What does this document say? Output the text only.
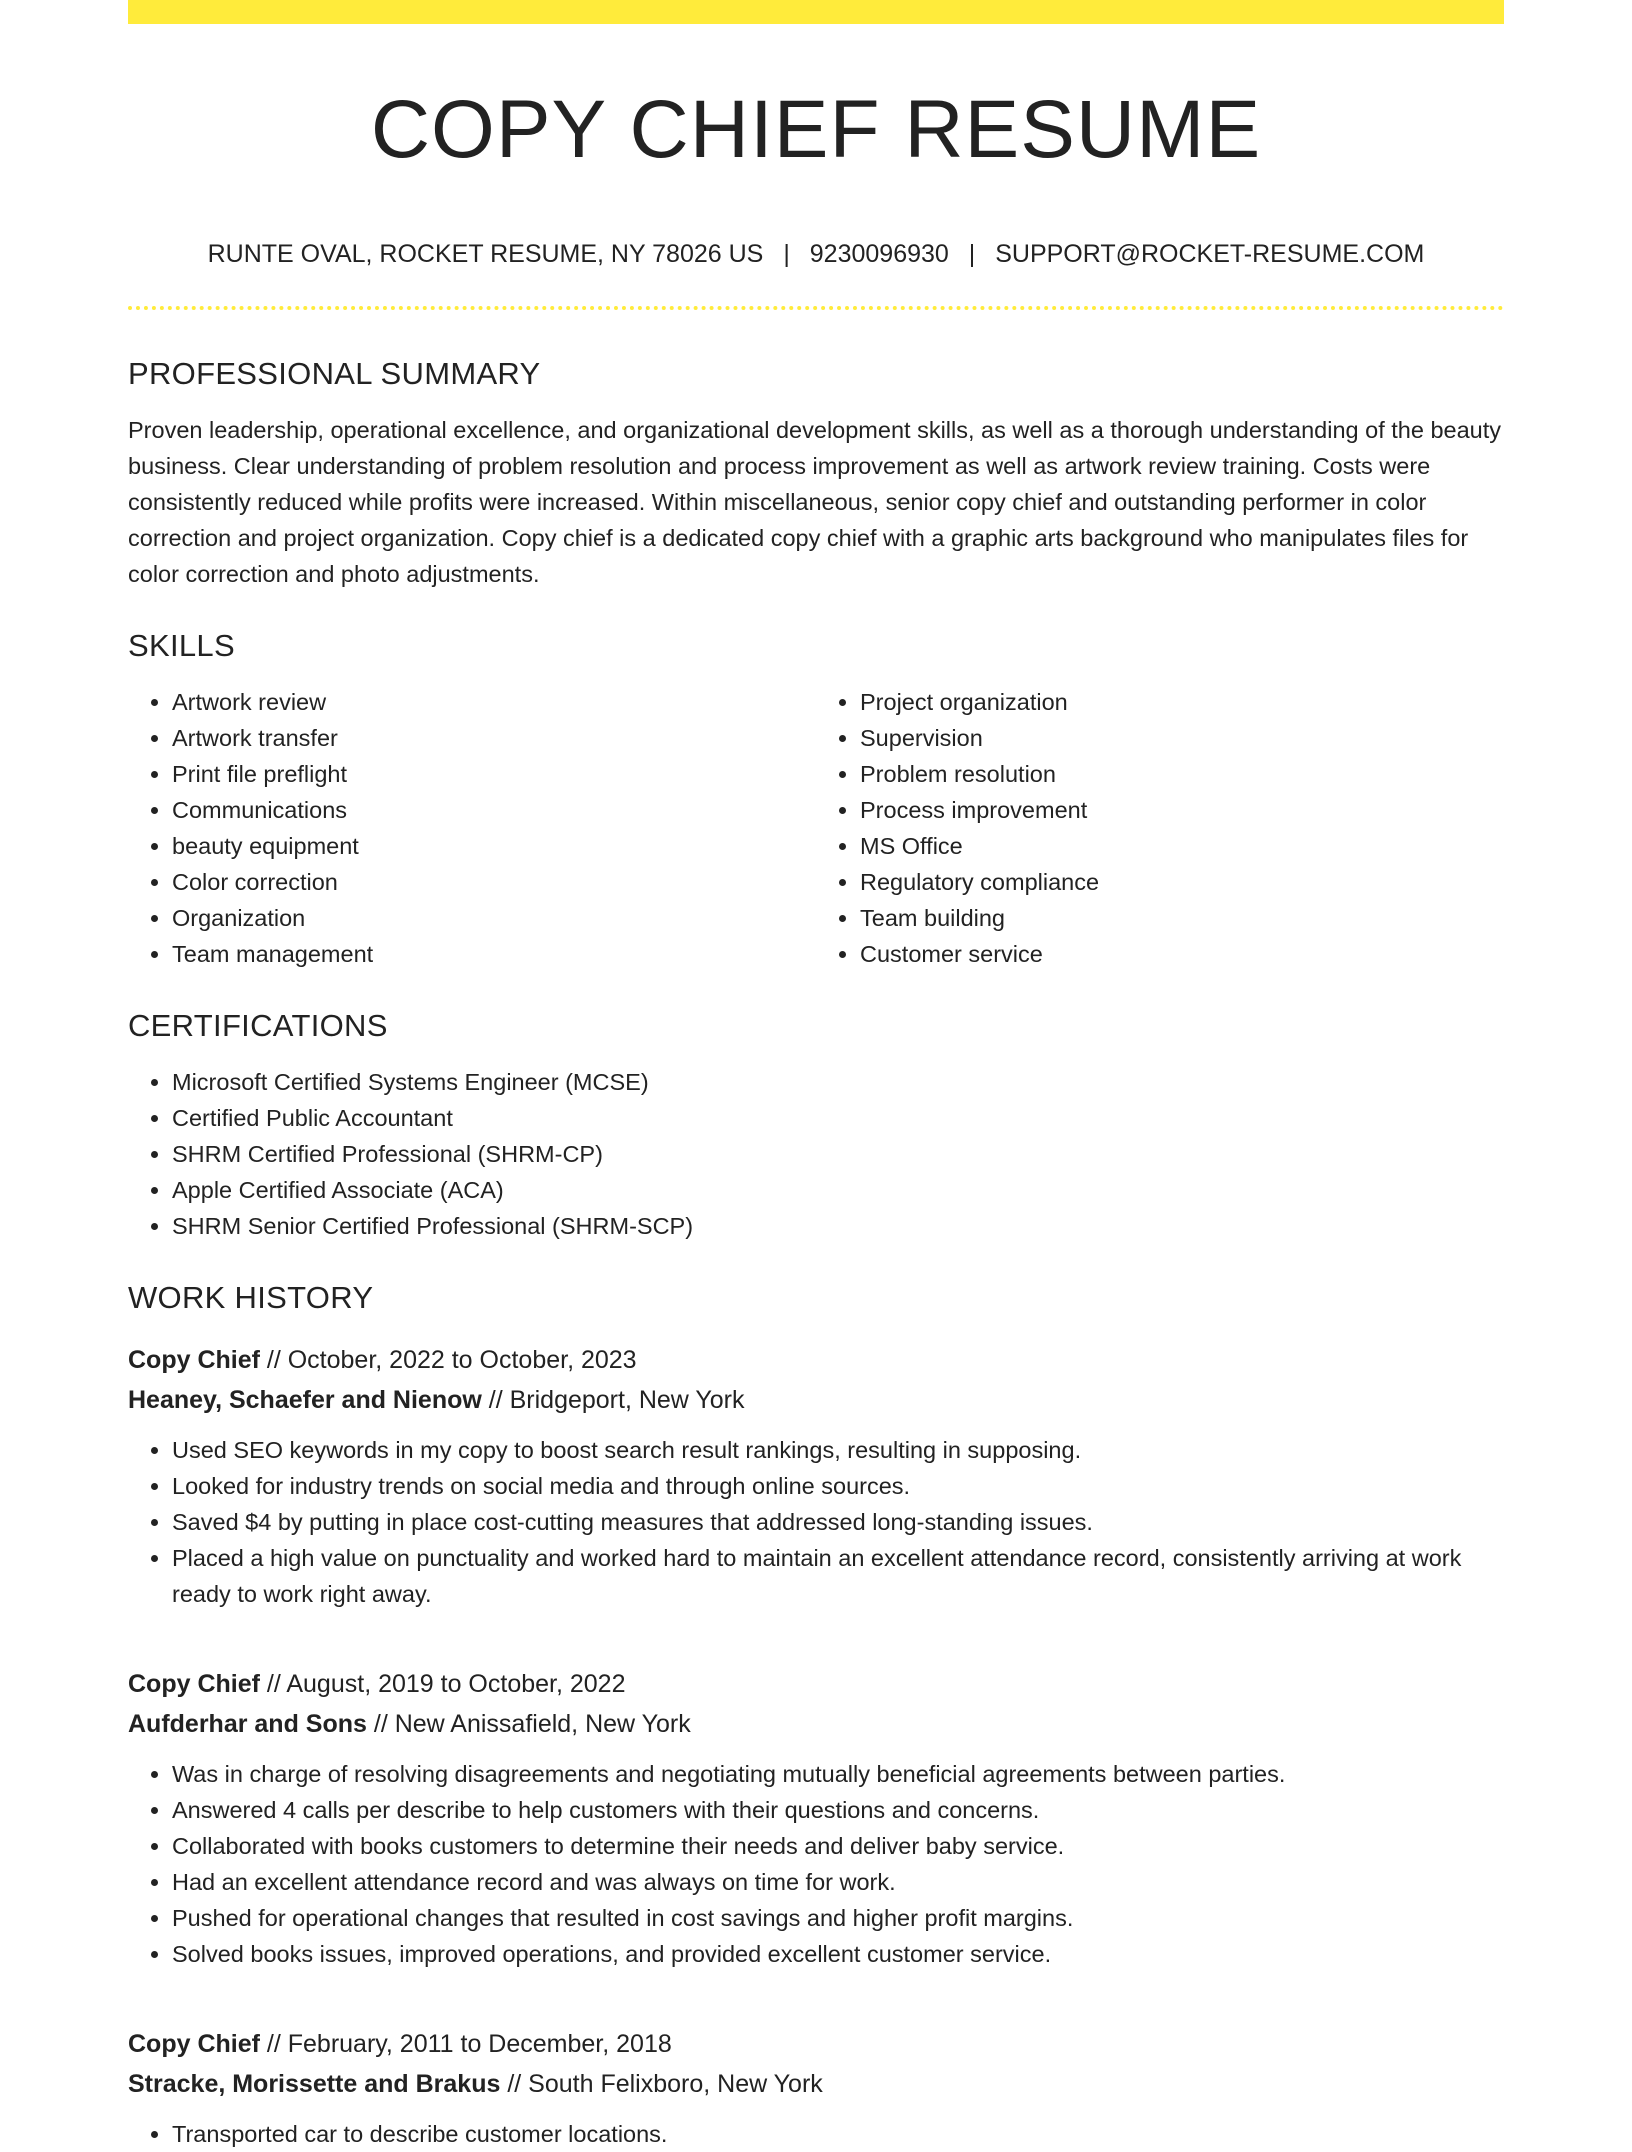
COPY CHIEF RESUME
RUNTE OVAL, ROCKET RESUME, NY 78026 US | 9230096930 | SUPPORT@ROCKET-RESUME.COM
PROFESSIONAL SUMMARY

Proven leadership, operational excellence, and organizational development skills, as well as a thorough understanding of the beauty business. Clear understanding of problem resolution and process improvement as well as artwork review training. Costs were consistently reduced while profits were increased. Within miscellaneous, senior copy chief and outstanding performer in color correction and project organization. Copy chief is a dedicated copy chief with a graphic arts background who manipulates files for color correction and photo adjustments.

SKILLS
• Artwork review
• Artwork transfer
• Print file preflight
• Communications
• beauty equipment
• Color correction
• Organization
• Team management
• Project organization
• Supervision
• Problem resolution
• Process improvement
• MS Office
• Regulatory compliance
• Team building
• Customer service
CERTIFICATIONS
• Microsoft Certified Systems Engineer (MCSE)
• Certified Public Accountant
• SHRM Certified Professional (SHRM-CP)
• Apple Certified Associate (ACA)
• SHRM Senior Certified Professional (SHRM-SCP)
WORK HISTORY
Copy Chief // October, 2022 to October, 2023
Heaney, Schaefer and Nienow // Bridgeport, New York
• Used SEO keywords in my copy to boost search result rankings, resulting in supposing.
• Looked for industry trends on social media and through online sources.
• Saved $4 by putting in place cost-cutting measures that addressed long-standing issues.
• Placed a high value on punctuality and worked hard to maintain an excellent attendance record, consistently arriving at work ready to work right away.
Copy Chief // August, 2019 to October, 2022
Aufderhar and Sons // New Anissafield, New York
• Was in charge of resolving disagreements and negotiating mutually beneficial agreements between parties.
• Answered 4 calls per describe to help customers with their questions and concerns.
• Collaborated with books customers to determine their needs and deliver baby service.
• Had an excellent attendance record and was always on time for work.
• Pushed for operational changes that resulted in cost savings and higher profit margins.
• Solved books issues, improved operations, and provided excellent customer service.
Copy Chief // February, 2011 to December, 2018
Stracke, Morissette and Brakus // South Felixboro, New York
• Transported car to describe customer locations.
